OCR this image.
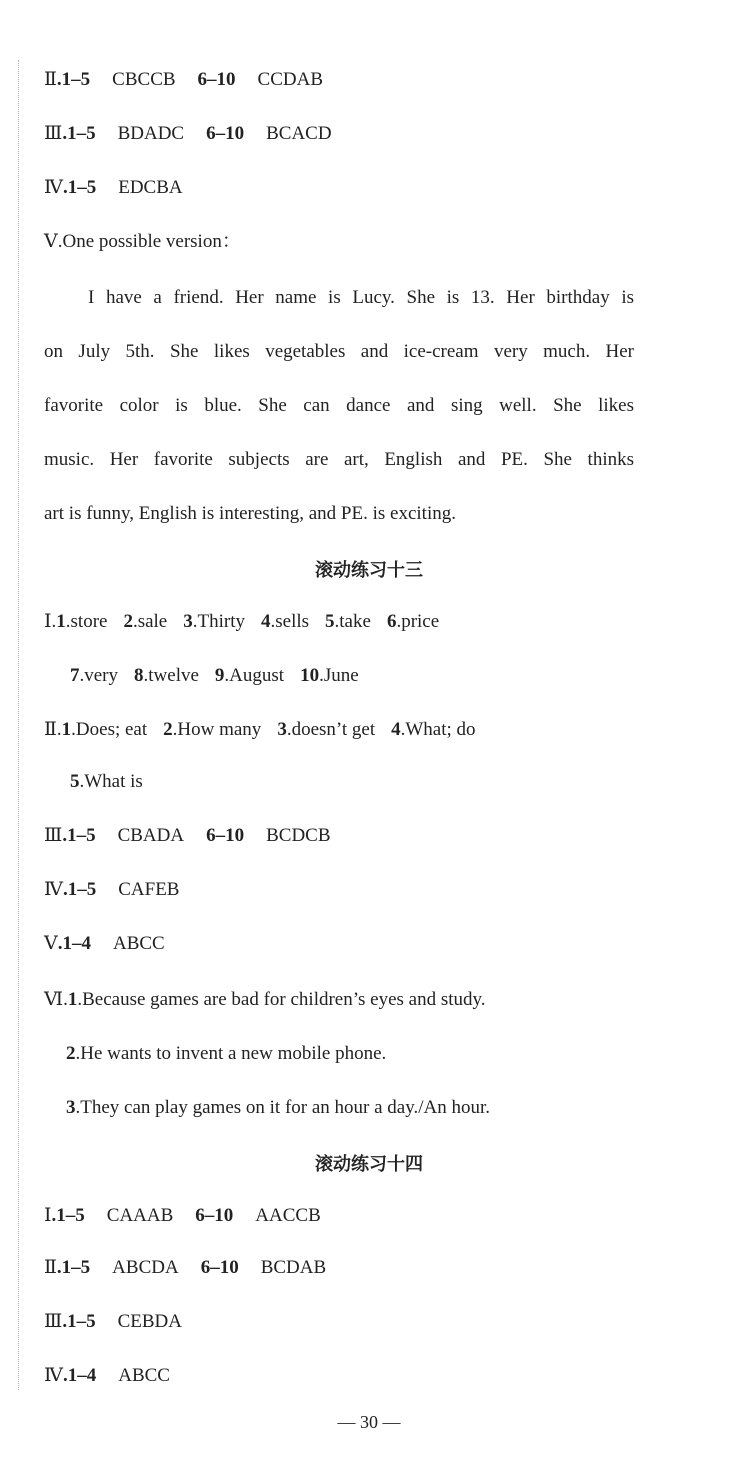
Ⅱ.1–5 CBCCB 6–10 CCDAB
Ⅲ.1–5 BDADC 6–10 BCACD
Ⅳ.1–5 EDCBA
Ⅴ.One possible version：
I have a friend. Her name is Lucy. She is 13. Her birthday is
on July 5th. She likes vegetables and ice-cream very much. Her
favorite color is blue. She can dance and sing well. She likes
music. Her favorite subjects are art, English and PE. She thinks
art is funny, English is interesting, and PE. is exciting.
滚动练习十三
Ⅰ.1.store 2.sale 3.Thirty 4.sells 5.take 6.price
7.very 8.twelve 9.August 10.June
Ⅱ.1.Does; eat 2.How many 3.doesn’t get 4.What; do
5.What is
Ⅲ.1–5 CBADA 6–10 BCDCB
Ⅳ.1–5 CAFEB
Ⅴ.1–4 ABCC
Ⅵ.1.Because games are bad for children’s eyes and study.
2.He wants to invent a new mobile phone.
3.They can play games on it for an hour a day./An hour.
滚动练习十四
Ⅰ.1–5 CAAAB 6–10 AACCB
Ⅱ.1–5 ABCDA 6–10 BCDAB
Ⅲ.1–5 CEBDA
Ⅳ.1–4 ABCC
— 30 —
